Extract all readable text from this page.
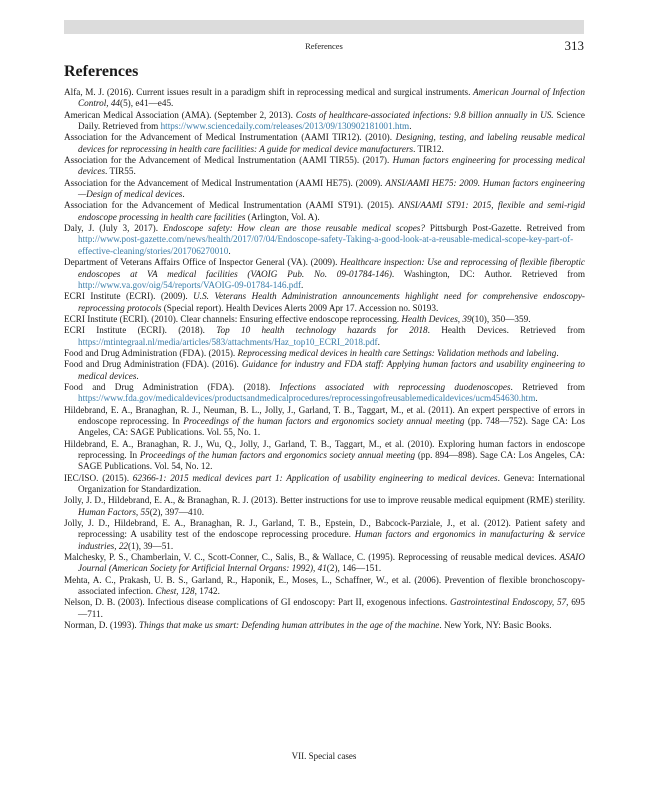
References	313
References
Alfa, M. J. (2016). Current issues result in a paradigm shift in reprocessing medical and surgical instruments. American Journal of Infection Control, 44(5), e41—e45.
American Medical Association (AMA). (September 2, 2013). Costs of healthcare-associated infections: 9.8 billion annually in US. Science Daily. Retrieved from https://www.sciencedaily.com/releases/2013/09/130902181001.htm.
Association for the Advancement of Medical Instrumentation (AAMI TIR12). (2010). Designing, testing, and labeling reusable medical devices for reprocessing in health care facilities: A guide for medical device manufacturers. TIR12.
Association for the Advancement of Medical Instrumentation (AAMI TIR55). (2017). Human factors engineering for processing medical devices. TIR55.
Association for the Advancement of Medical Instrumentation (AAMI HE75). (2009). ANSI/AAMI HE75: 2009. Human factors engineering—Design of medical devices.
Association for the Advancement of Medical Instrumentation (AAMI ST91). (2015). ANSI/AAMI ST91: 2015, flexible and semi-rigid endoscope processing in health care facilities (Arlington, Vol. A).
Daly, J. (July 3, 2017). Endoscope safety: How clean are those reusable medical scopes? Pittsburgh Post-Gazette. Retreived from http://www.post-gazette.com/news/health/2017/07/04/Endoscope-safety-Taking-a-good-look-at-a-reusable-medical-scope-key-part-of-effective-cleaning/stories/201706270010.
Department of Veterans Affairs Office of Inspector General (VA). (2009). Healthcare inspection: Use and reprocessing of flexible fiberoptic endoscopes at VA medical facilities (VAOIG Pub. No. 09-01784-146). Washington, DC: Author. Retrieved from http://www.va.gov/oig/54/reports/VAOIG-09-01784-146.pdf.
ECRI Institute (ECRI). (2009). U.S. Veterans Health Administration announcements highlight need for comprehensive endoscopy-reprocessing protocols (Special report). Health Devices Alerts 2009 Apr 17. Accession no. S0193.
ECRI Institute (ECRI). (2010). Clear channels: Ensuring effective endoscope reprocessing. Health Devices, 39(10), 350—359.
ECRI Institute (ECRI). (2018). Top 10 health technology hazards for 2018. Health Devices. Retrieved from https://mtintegraal.nl/media/articles/583/attachments/Haz_top10_ECRI_2018.pdf.
Food and Drug Administration (FDA). (2015). Reprocessing medical devices in health care Settings: Validation methods and labeling.
Food and Drug Administration (FDA). (2016). Guidance for industry and FDA staff: Applying human factors and usability engineering to medical devices.
Food and Drug Administration (FDA). (2018). Infections associated with reprocessing duodenoscopes. Retrieved from https://www.fda.gov/medicaldevices/productsandmedicalprocedures/reprocessingofreusablemedicaldevices/ucm454630.htm.
Hildebrand, E. A., Branaghan, R. J., Neuman, B. L., Jolly, J., Garland, T. B., Taggart, M., et al. (2011). An expert perspective of errors in endoscope reprocessing. In Proceedings of the human factors and ergonomics society annual meeting (pp. 748—752). Sage CA: Los Angeles, CA: SAGE Publications. Vol. 55, No. 1.
Hildebrand, E. A., Branaghan, R. J., Wu, Q., Jolly, J., Garland, T. B., Taggart, M., et al. (2010). Exploring human factors in endoscope reprocessing. In Proceedings of the human factors and ergonomics society annual meeting (pp. 894—898). Sage CA: Los Angeles, CA: SAGE Publications. Vol. 54, No. 12.
IEC/ISO. (2015). 62366-1: 2015 medical devices part 1: Application of usability engineering to medical devices. Geneva: International Organization for Standardization.
Jolly, J. D., Hildebrand, E. A., & Branaghan, R. J. (2013). Better instructions for use to improve reusable medical equipment (RME) sterility. Human Factors, 55(2), 397—410.
Jolly, J. D., Hildebrand, E. A., Branaghan, R. J., Garland, T. B., Epstein, D., Babcock-Parziale, J., et al. (2012). Patient safety and reprocessing: A usability test of the endoscope reprocessing procedure. Human factors and ergonomics in manufacturing & service industries, 22(1), 39—51.
Malchesky, P. S., Chamberlain, V. C., Scott-Conner, C., Salis, B., & Wallace, C. (1995). Reprocessing of reusable medical devices. ASAIO Journal (American Society for Artificial Internal Organs: 1992), 41(2), 146—151.
Mehta, A. C., Prakash, U. B. S., Garland, R., Haponik, E., Moses, L., Schaffner, W., et al. (2006). Prevention of flexible bronchoscopy-associated infection. Chest, 128, 1742.
Nelson, D. B. (2003). Infectious disease complications of GI endoscopy: Part II, exogenous infections. Gastrointestinal Endoscopy, 57, 695—711.
Norman, D. (1993). Things that make us smart: Defending human attributes in the age of the machine. New York, NY: Basic Books.
VII. Special cases
